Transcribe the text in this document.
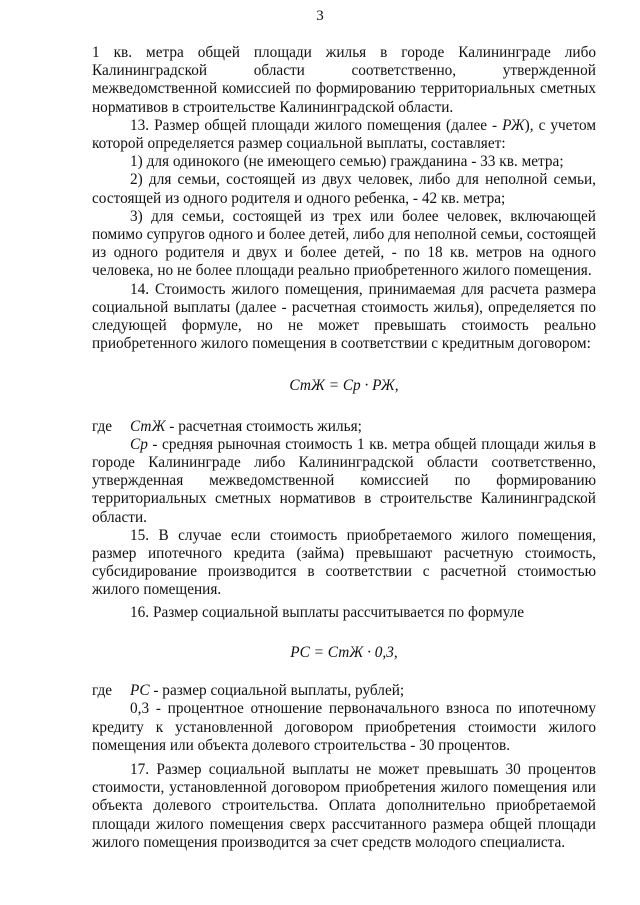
3

1 кв. метра общей площади жилья в городе Калининграде либо Калининградской области соответственно, утвержденной межведомственной комиссией по формированию территориальных сметных нормативов в строительстве Калининградской области.

13. Размер общей площади жилого помещения (далее - РЖ), с учетом которой определяется размер социальной выплаты, составляет:

1) для одинокого (не имеющего семью) гражданина - 33 кв. метра;

2) для семьи, состоящей из двух человек, либо для неполной семьи, состоящей из одного родителя и одного ребенка, - 42 кв. метра;

3) для семьи, состоящей из трех или более человек, включающей помимо супругов одного и более детей, либо для неполной семьи, состоящей из одного родителя и двух и более детей, - по 18 кв. метров на одного человека, но не более площади реально приобретенного жилого помещения.

14. Стоимость жилого помещения, принимаемая для расчета размера социальной выплаты (далее - расчетная стоимость жилья), определяется по следующей формуле, но не может превышать стоимость реально приобретенного жилого помещения в соответствии с кредитным договором:

СтЖ = Ср · РЖ,

где	СтЖ - расчетная стоимость жилья;

Ср - средняя рыночная стоимость 1 кв. метра общей площади жилья в городе Калининграде либо Калининградской области соответственно, утвержденная межведомственной комиссией по формированию территориальных сметных нормативов в строительстве Калининградской области.

15. В случае если стоимость приобретаемого жилого помещения, размер ипотечного кредита (займа) превышают расчетную стоимость, субсидирование производится в соответствии с расчетной стоимостью жилого помещения.

16. Размер социальной выплаты рассчитывается по формуле

РС = СтЖ · 0,3,

где	РС - размер социальной выплаты, рублей;

0,3 - процентное отношение первоначального взноса по ипотечному кредиту к установленной договором приобретения стоимости жилого помещения или объекта долевого строительства - 30 процентов.

17. Размер социальной выплаты не может превышать 30 процентов стоимости, установленной договором приобретения жилого помещения или объекта долевого строительства. Оплата дополнительно приобретаемой площади жилого помещения сверх рассчитанного размера общей площади жилого помещения производится за счет средств молодого специалиста.
